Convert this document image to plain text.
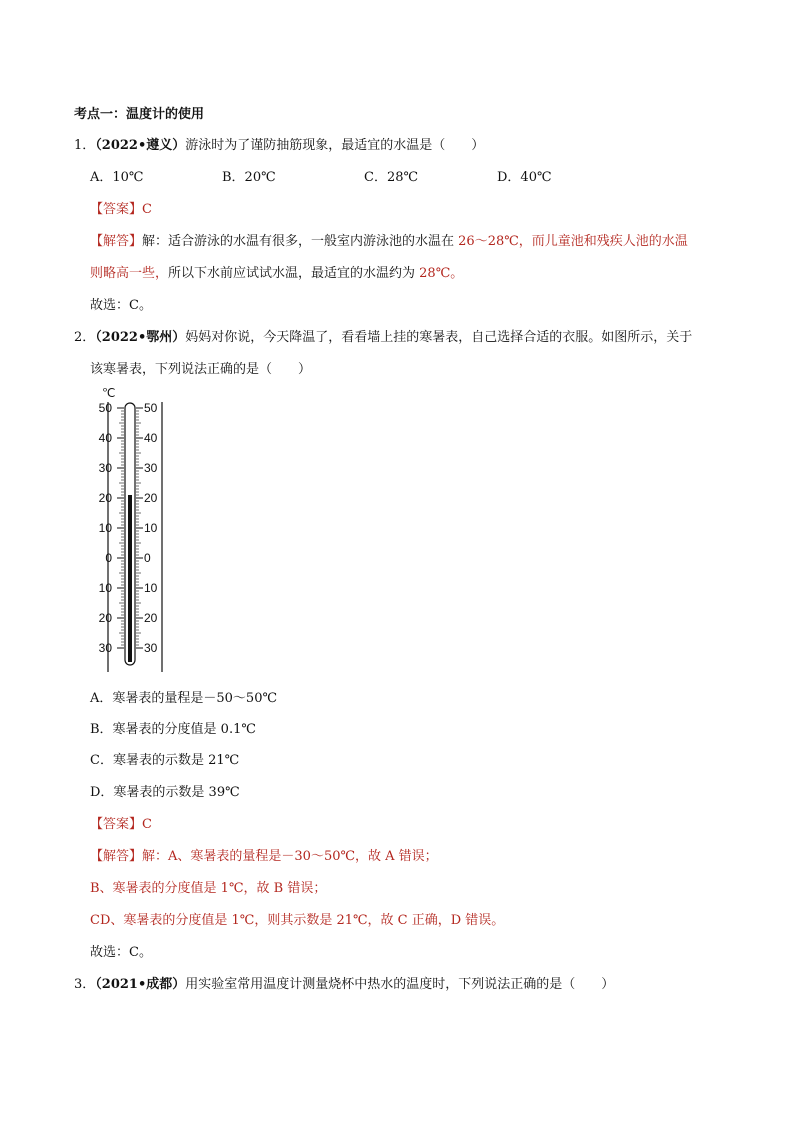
考点一：温度计的使用
1．（2022•遵义）游泳时为了谨防抽筋现象，最适宜的水温是（　　）
A．10℃	B．20℃	C．28℃	D．40℃
【答案】C
【解答】解：适合游泳的水温有很多，一般室内游泳池的水温在 26～28℃，而儿童池和残疾人池的水温
则略高一些，所以下水前应试试水温，最适宜的水温约为 28℃。
故选：C。
2．（2022•鄂州）妈妈对你说，今天降温了，看看墙上挂的寒暑表，自己选择合适的衣服。如图所示，关于
该寒暑表，下列说法正确的是（　　）
℃
50
40
30
20
10
0
10
20
30
50
40
30
20
10
0
10
20
30
A．寒暑表的量程是－50～50℃
B．寒暑表的分度值是 0.1℃
C．寒暑表的示数是 21℃
D．寒暑表的示数是 39℃
【答案】C
【解答】解：A、寒暑表的量程是－30～50℃，故 A 错误；
B、寒暑表的分度值是 1℃，故 B 错误；
CD、寒暑表的分度值是 1℃，则其示数是 21℃，故 C 正确，D 错误。
故选：C。
3．（2021•成都）用实验室常用温度计测量烧杯中热水的温度时，下列说法正确的是（　　）
